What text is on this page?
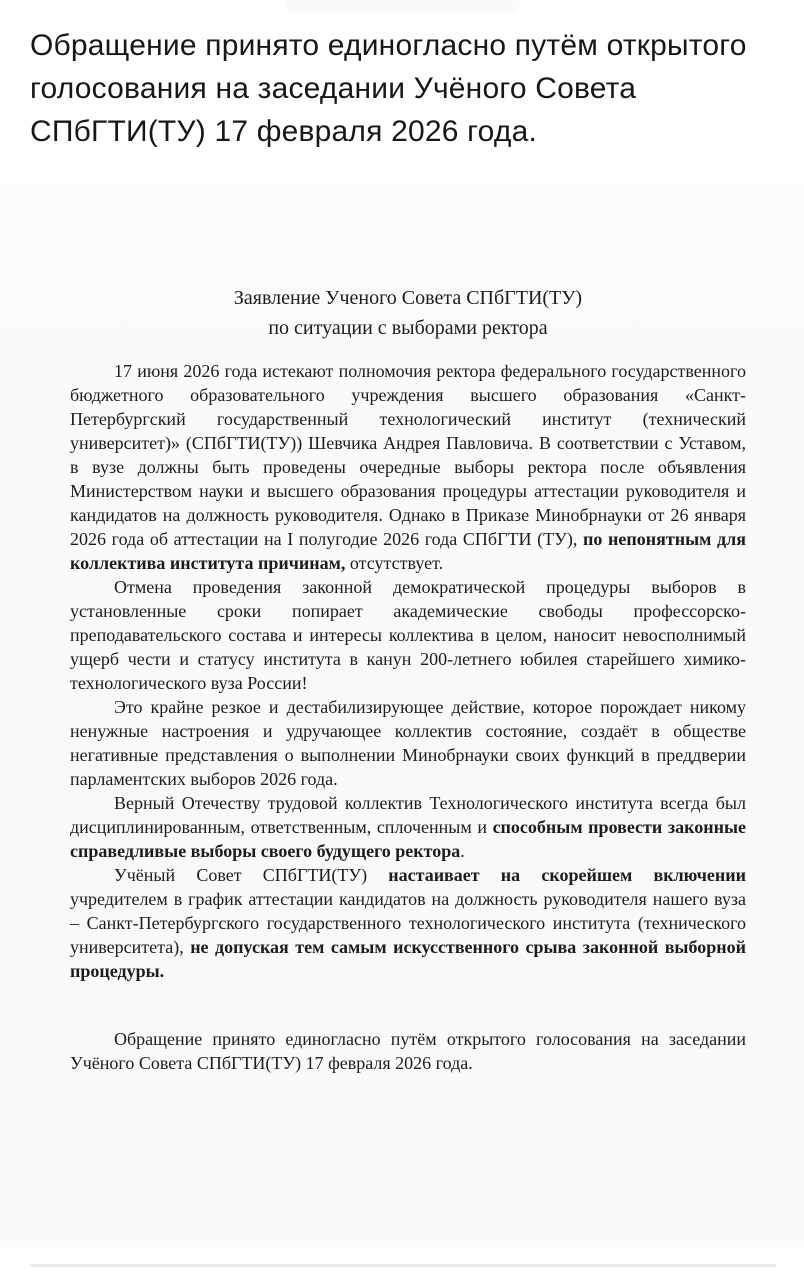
Обращение принято единогласно путём открытого голосования на заседании Учёного Совета СПбГТИ(ТУ) 17 февраля 2026 года.

Заявление Ученого Совета СПбГТИ(ТУ)
по ситуации с выборами ректора

17 июня 2026 года истекают полномочия ректора федерального государственного бюджетного образовательного учреждения высшего образования «Санкт-Петербургский государственный технологический институт (технический университет)» (СПбГТИ(ТУ)) Шевчика Андрея Павловича. В соответствии с Уставом, в вузе должны быть проведены очередные выборы ректора после объявления Министерством науки и высшего образования процедуры аттестации руководителя и кандидатов на должность руководителя. Однако в Приказе Минобрнауки от 26 января 2026 года об аттестации на I полугодие 2026 года СПбГТИ (ТУ), по непонятным для коллектива института причинам, отсутствует.

Отмена проведения законной демократической процедуры выборов в установленные сроки попирает академические свободы профессорско-преподавательского состава и интересы коллектива в целом, наносит невосполнимый ущерб чести и статусу института в канун 200-летнего юбилея старейшего химико-технологического вуза России!

Это крайне резкое и дестабилизирующее действие, которое порождает никому ненужные настроения и удручающее коллектив состояние, создаёт в обществе негативные представления о выполнении Минобрнауки своих функций в преддверии парламентских выборов 2026 года.

Верный Отечеству трудовой коллектив Технологического института всегда был дисциплинированным, ответственным, сплоченным и способным провести законные справедливые выборы своего будущего ректора.

Учёный Совет СПбГТИ(ТУ) настаивает на скорейшем включении учредителем в график аттестации кандидатов на должность руководителя нашего вуза – Санкт-Петербургского государственного технологического института (технического университета), не допуская тем самым искусственного срыва законной выборной процедуры.

Обращение принято единогласно путём открытого голосования на заседании Учёного Совета СПбГТИ(ТУ) 17 февраля 2026 года.
